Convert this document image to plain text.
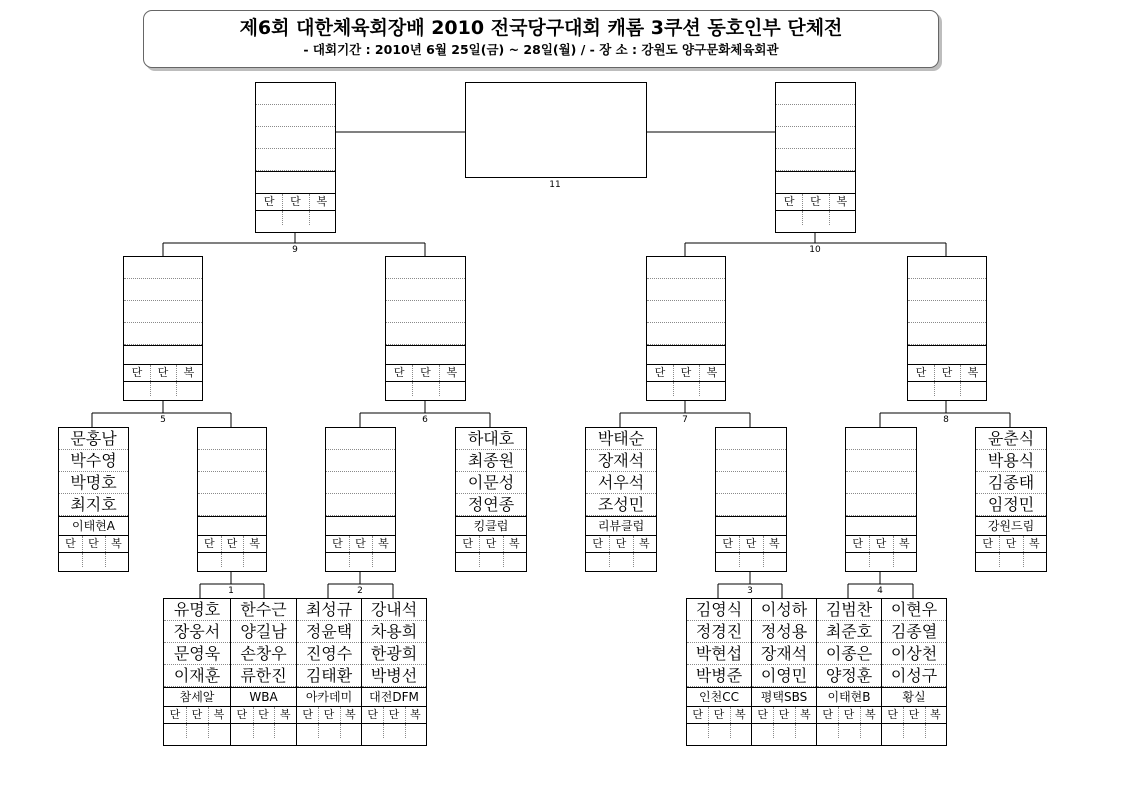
제6회 대한체육회장배 2010 전국당구대회 캐롬 3쿠션 동호인부 단체전
- 대회기간 : 2010년 6월 25일(금) ~ 28일(월) / - 장 소 : 강원도 양구문화체육회관
1	2	3	4
5	6	7	8
9	10
11
유명호
장웅서
문영욱
이재훈
참세알
단	단	복
한수근
양길남
손창우
류한진
WBA
단	단	복
최성규
정윤택
진영수
김태환
아카데미
단 단 복
강내석
차용희
한광희
박병선
대전DFM
단 단 복
김영식
정경진
박현섭
박병준
인천CC
단 단 복
이성하
정성용
장재석
이영민
평택SBS
단 단 복
김범찬
최준호
이종은
양정훈
이태현B
단 단 복
이현우
김종열
이상천
이성구
황실
단 단 복
문홍남
박수영
박명호
최지호
이태현A
단	단	복	단	단	복	단	단	복
하대호
최종원
이문성
정연종
킹클럽
단	단	복
박태순
장재석
서우석
조성민
리뷰클럽
단	단	복	단	단	복	단	단	복
윤춘식
박용식
김종태
임정민
강원드림
단	단	복
단	단	복	단	단	복	단	단	복	단	단	복
단	단	복	단	단	복
